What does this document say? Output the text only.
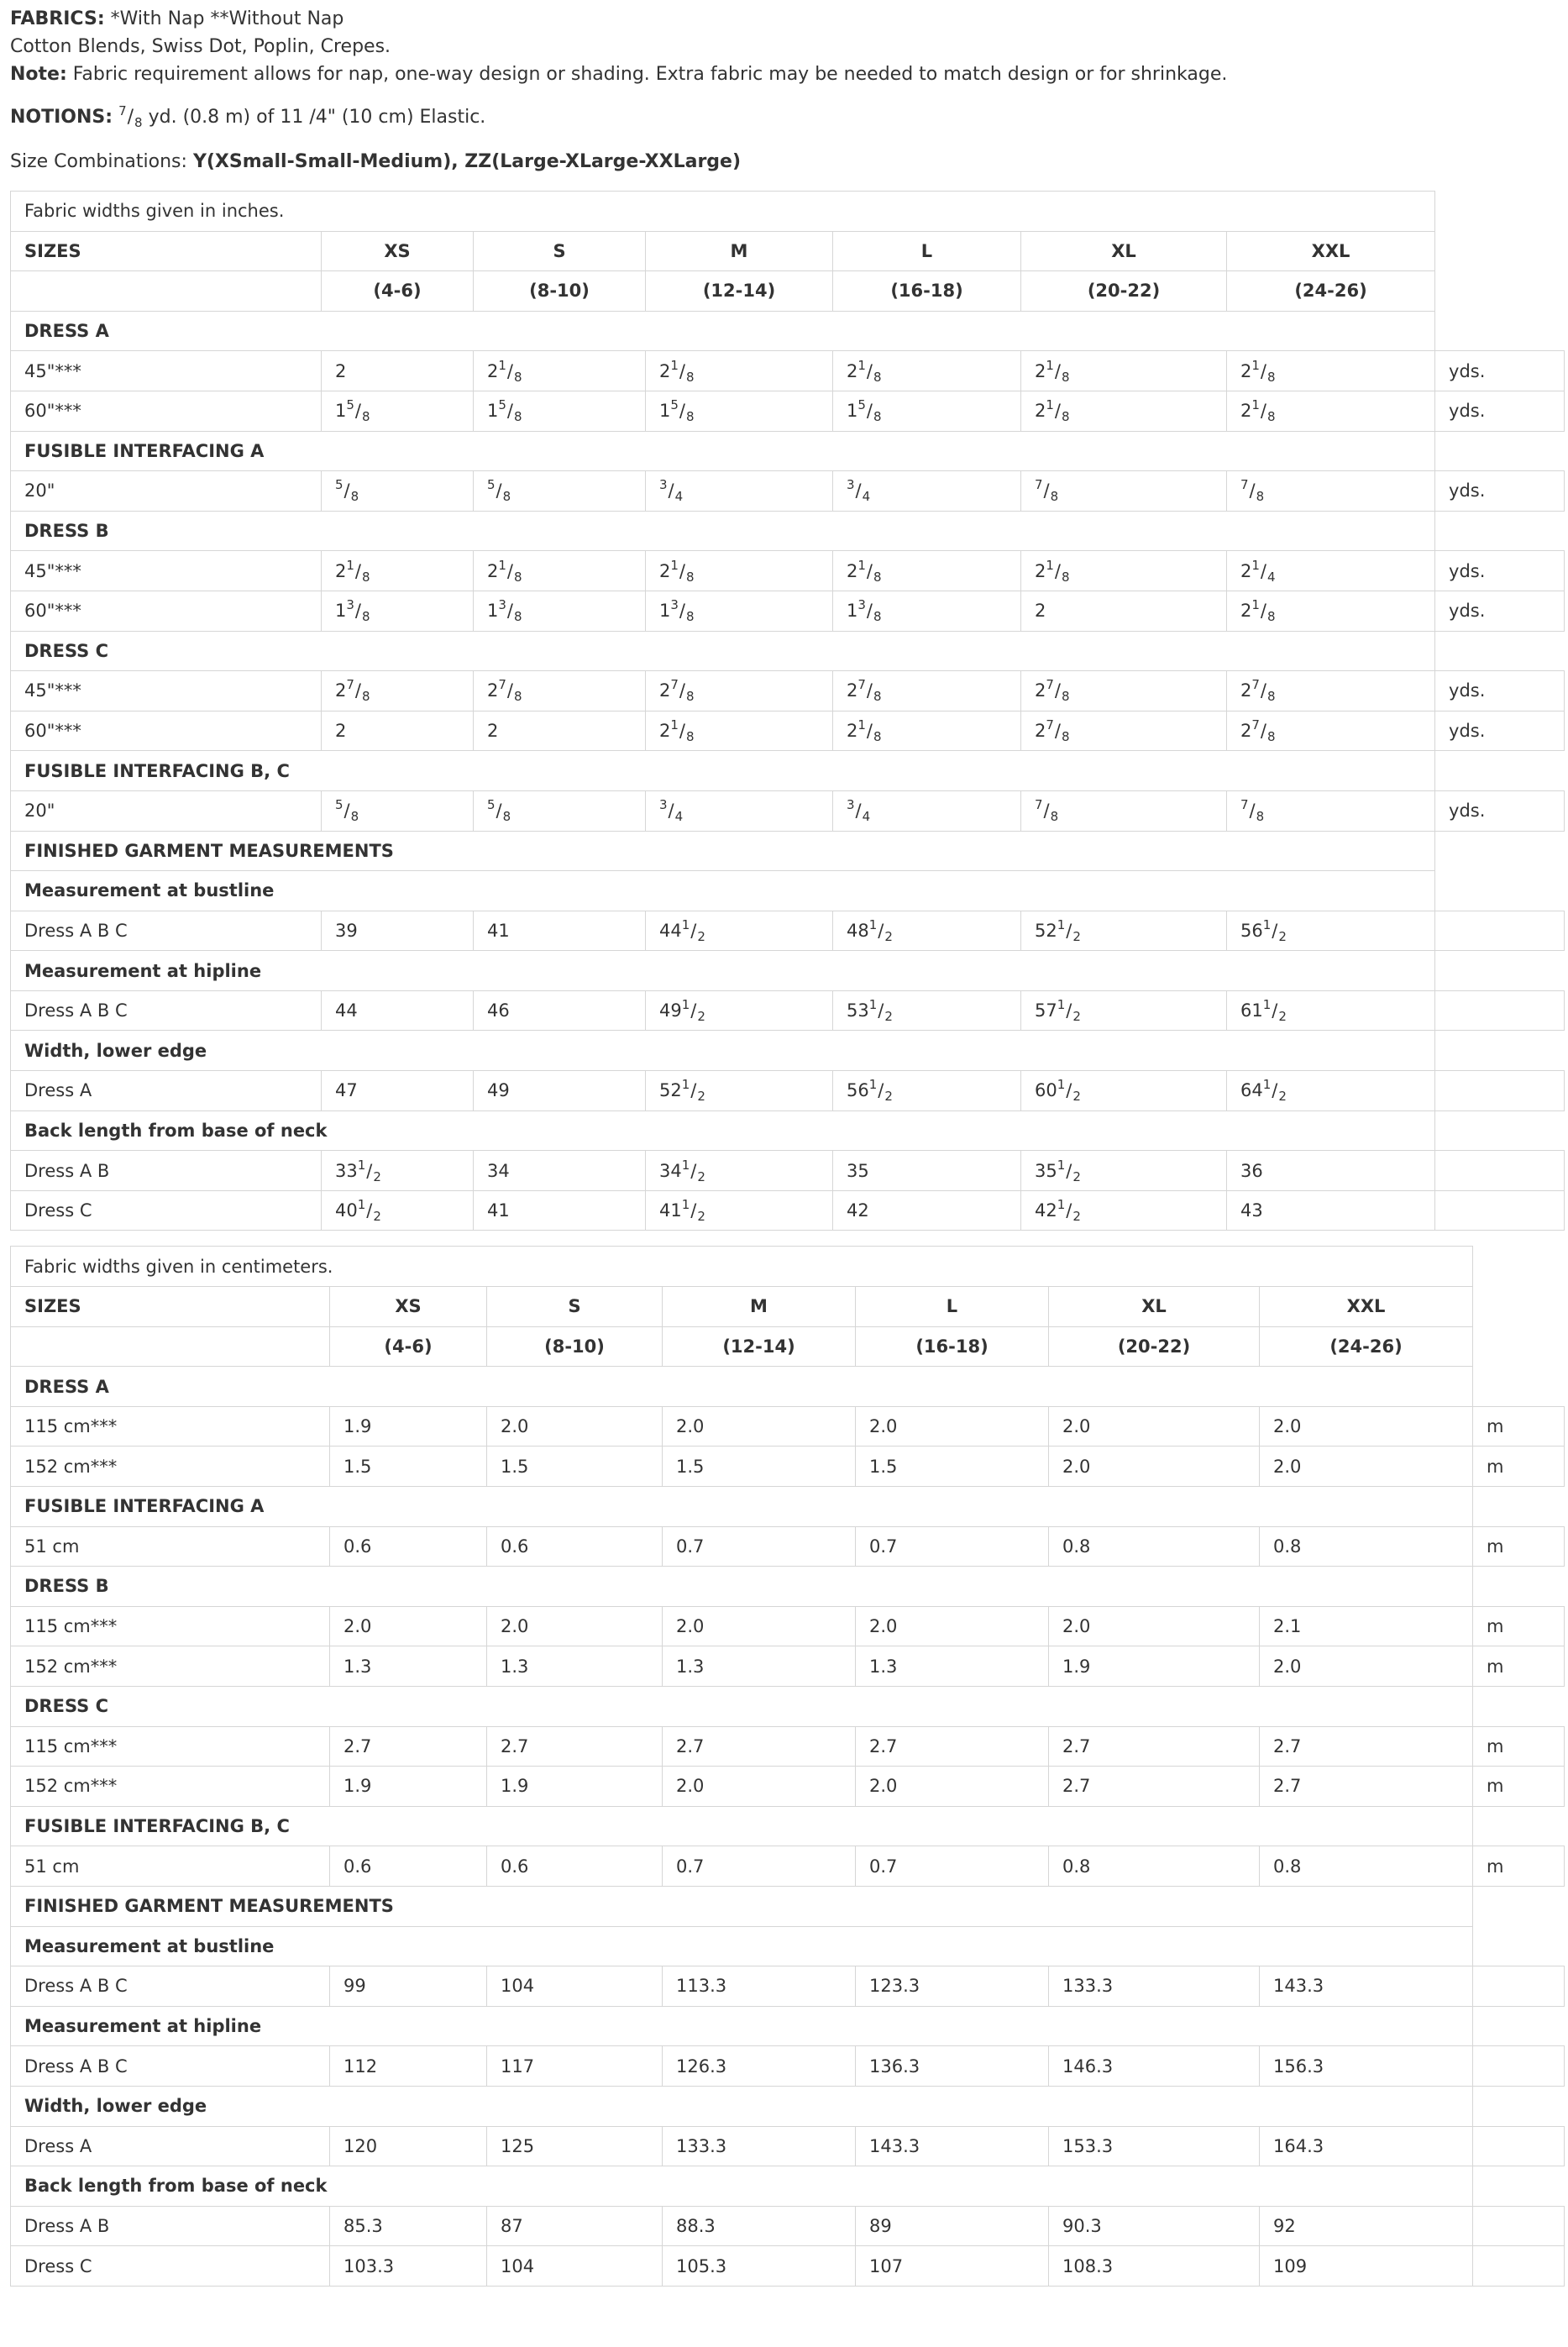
FABRICS: *With Nap **Without Nap

Cotton Blends, Swiss Dot, Poplin, Crepes.

Note: Fabric requirement allows for nap, one-way design or shading. Extra fabric may be needed to match design or for shrinkage.

NOTIONS: $^7/_8$ yd. (0.8 m) of 11 /4" (10 cm) Elastic.

Size Combinations: Y(XSmall-Small-Medium), ZZ(Large-XLarge-XXLarge)

Fabric widths given in inches.							
SIZES	XS	S	M	L	XL	XXL	
	(4-6)	(8-10)	(12-14)	(16-18)	(20-22)	(24-26)	
DRESS A							
45"***	2	$2^1/_8$	$2^1/_8$	$2^1/_8$	$2^1/_8$	$2^1/_8$	yds.
60"***	$1^5/_8$	$1^5/_8$	$1^5/_8$	$1^5/_8$	$2^1/_8$	$2^1/_8$	yds.
FUSIBLE INTERFACING A							
20"	$^5/_8$	$^5/_8$	$^3/_4$	$^3/_4$	$^7/_8$	$^7/_8$	yds.
DRESS B							
45"***	$2^1/_8$	$2^1/_8$	$2^1/_8$	$2^1/_8$	$2^1/_8$	$2^1/_4$	yds.
60"***	$1^3/_8$	$1^3/_8$	$1^3/_8$	$1^3/_8$	2	$2^1/_8$	yds.
DRESS C							
45"***	$2^7/_8$	$2^7/_8$	$2^7/_8$	$2^7/_8$	$2^7/_8$	$2^7/_8$	yds.
60"***	2	2	$2^1/_8$	$2^1/_8$	$2^7/_8$	$2^7/_8$	yds.
FUSIBLE INTERFACING B, C							
20"	$^5/_8$	$^5/_8$	$^3/_4$	$^3/_4$	$^7/_8$	$^7/_8$	yds.
FINISHED GARMENT MEASUREMENTS							
Measurement at bustline							
Dress A B C	39	41	$44^1/_2$	$48^1/_2$	$52^1/_2$	$56^1/_2$	
Measurement at hipline							
Dress A B C	44	46	$49^1/_2$	$53^1/_2$	$57^1/_2$	$61^1/_2$	
Width, lower edge							
Dress A	47	49	$52^1/_2$	$56^1/_2$	$60^1/_2$	$64^1/_2$	
Back length from base of neck							
Dress A B	$33^1/_2$	34	$34^1/_2$	35	$35^1/_2$	36	
Dress C	$40^1/_2$	41	$41^1/_2$	42	$42^1/_2$	43	
Fabric widths given in centimeters.							
SIZES	XS	S	M	L	XL	XXL	
	(4-6)	(8-10)	(12-14)	(16-18)	(20-22)	(24-26)	
DRESS A							
115 cm***	1.9	2.0	2.0	2.0	2.0	2.0	m
152 cm***	1.5	1.5	1.5	1.5	2.0	2.0	m
FUSIBLE INTERFACING A							
51 cm	0.6	0.6	0.7	0.7	0.8	0.8	m
DRESS B							
115 cm***	2.0	2.0	2.0	2.0	2.0	2.1	m
152 cm***	1.3	1.3	1.3	1.3	1.9	2.0	m
DRESS C							
115 cm***	2.7	2.7	2.7	2.7	2.7	2.7	m
152 cm***	1.9	1.9	2.0	2.0	2.7	2.7	m
FUSIBLE INTERFACING B, C							
51 cm	0.6	0.6	0.7	0.7	0.8	0.8	m
FINISHED GARMENT MEASUREMENTS							
Measurement at bustline							
Dress A B C	99	104	113.3	123.3	133.3	143.3	
Measurement at hipline							
Dress A B C	112	117	126.3	136.3	146.3	156.3	
Width, lower edge							
Dress A	120	125	133.3	143.3	153.3	164.3	
Back length from base of neck							
Dress A B	85.3	87	88.3	89	90.3	92	
Dress C	103.3	104	105.3	107	108.3	109	
